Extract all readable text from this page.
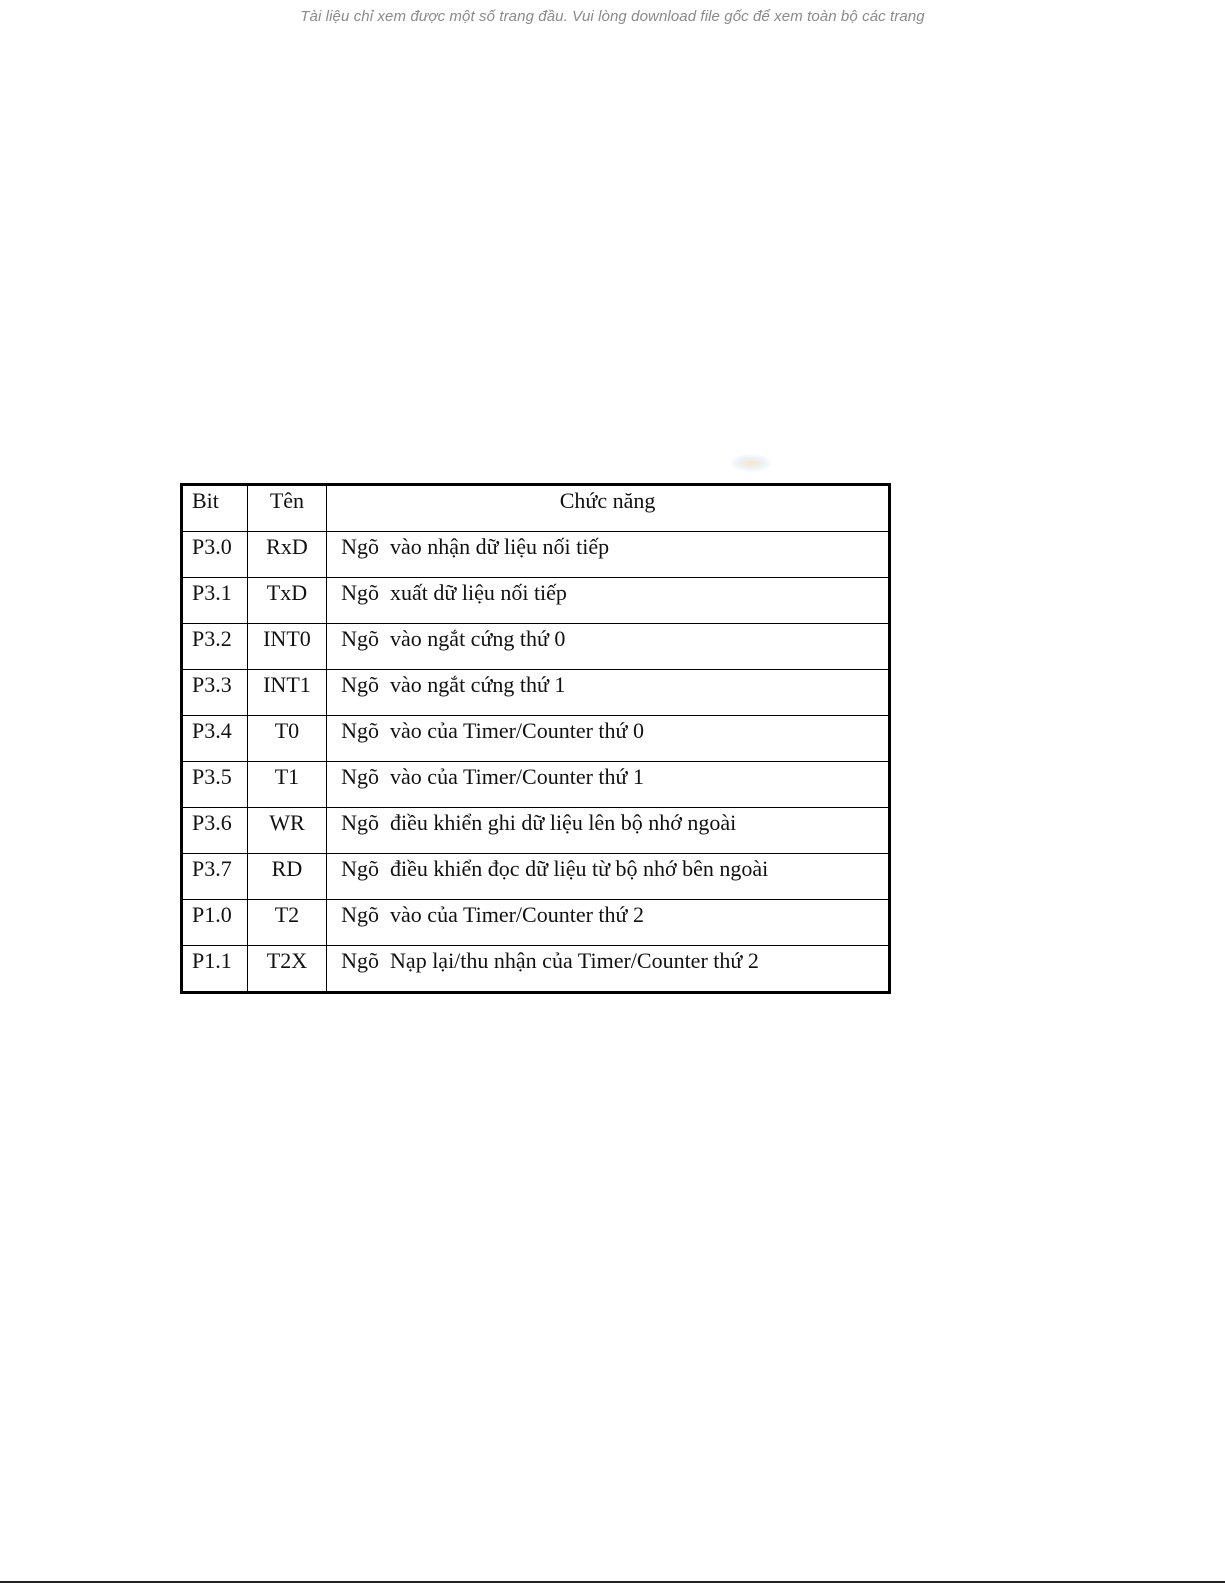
Tài liệu chỉ xem được một số trang đầu. Vui lòng download file gốc để xem toàn bộ các trang
Bit	Tên	Chức năng
P3.0	RxD	Ngõ  vào nhận dữ liệu nối tiếp
P3.1	TxD	Ngõ  xuất dữ liệu nối tiếp
P3.2	INT0	Ngõ  vào ngắt cứng thứ 0
P3.3	INT1	Ngõ  vào ngắt cứng thứ 1
P3.4	T0	Ngõ  vào của Timer/Counter thứ 0
P3.5	T1	Ngõ  vào của Timer/Counter thứ 1
P3.6	WR	Ngõ  điều khiển ghi dữ liệu lên bộ nhớ ngoài
P3.7	RD	Ngõ  điều khiển đọc dữ liệu từ bộ nhớ bên ngoài
P1.0	T2	Ngõ  vào của Timer/Counter thứ 2
P1.1	T2X	Ngõ  Nạp lại/thu nhận của Timer/Counter thứ 2
